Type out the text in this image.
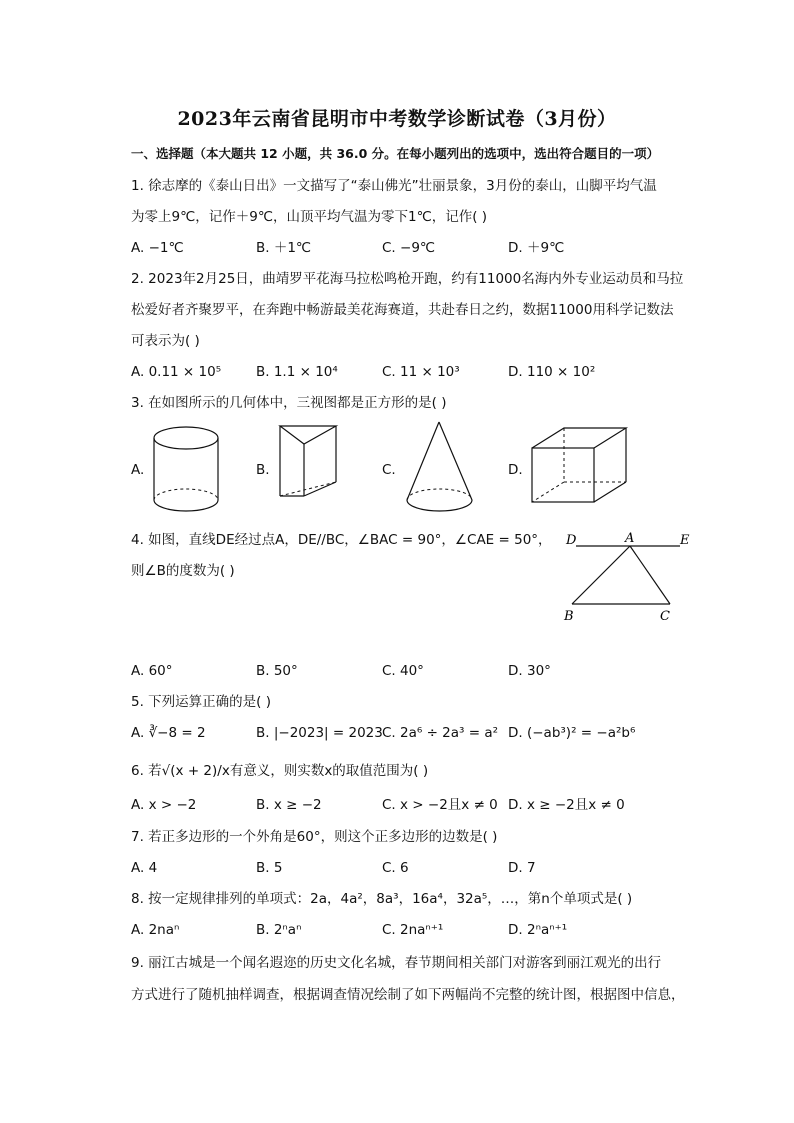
2023年云南省昆明市中考数学诊断试卷（3月份）
一、选择题（本大题共 12 小题，共 36.0 分。在每小题列出的选项中，选出符合题目的一项）
1. 徐志摩的《泰山日出》一文描写了“泰山佛光”壮丽景象，3月份的泰山，山脚平均气温
为零上9℃，记作＋9℃，山顶平均气温为零下1℃，记作( )
A. −1℃	B. ＋1℃	C. −9℃	D. ＋9℃
2. 2023年2月25日，曲靖罗平花海马拉松鸣枪开跑，约有11000名海内外专业运动员和马拉
松爱好者齐聚罗平，在奔跑中畅游最美花海赛道，共赴春日之约，数据11000用科学记数法
可表示为( )
A. 0.11 × 10⁵	B. 1.1 × 10⁴	C. 11 × 10³	D. 110 × 10²
3. 在如图所示的几何体中，三视图都是正方形的是( )
A.	B.	C.	D.
4. 如图，直线DE经过点A，DE//BC，∠BAC = 90°，∠CAE = 50°，
则∠B的度数为( )
D	A	E
B	C
A. 60°	B. 50°	C. 40°	D. 30°
5. 下列运算正确的是( )
A. ∛−8 = 2	B. |−2023| = 2023 C. 2a⁶ ÷ 2a³ = a² D. (−ab³)² = −a²b⁶
6. 若√(x + 2)/x有意义，则实数x的取值范围为( )
A. x > −2	B. x ≥ −2	C. x > −2且x ≠ 0 D. x ≥ −2且x ≠ 0
7. 若正多边形的一个外角是60°，则这个正多边形的边数是( )
A. 4	B. 5	C. 6	D. 7
8. 按一定规律排列的单项式：2a，4a²，8a³，16a⁴，32a⁵，…，第n个单项式是( )
A. 2naⁿ	B. 2ⁿaⁿ	C. 2naⁿ⁺¹	D. 2ⁿaⁿ⁺¹
9. 丽江古城是一个闻名遐迩的历史文化名城，春节期间相关部门对游客到丽江观光的出行
方式进行了随机抽样调查，根据调查情况绘制了如下两幅尚不完整的统计图，根据图中信息，
